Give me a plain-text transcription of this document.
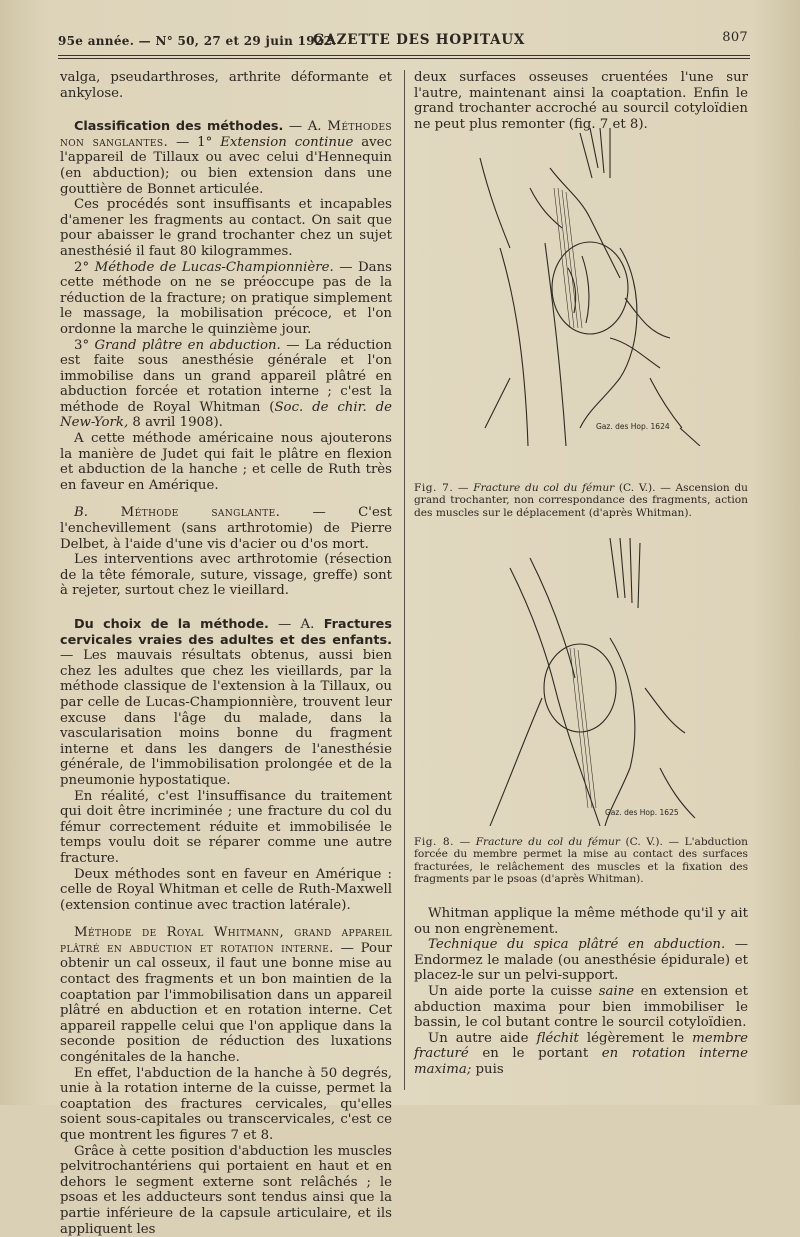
95e année. — N° 50, 27 et 29 juin 1922.
GAZETTE DES HOPITAUX	807

valga, pseudarthroses, arthrite déformante et ankylose.

Classification des méthodes. — A. Méthodes non sanglantes. — 1° Extension continue avec l'appareil de Tillaux ou avec celui d'Hennequin (en abduction); ou bien extension dans une gouttière de Bonnet articulée.

Ces procédés sont insuffisants et incapables d'amener les fragments au contact. On sait que pour abaisser le grand trochanter chez un sujet anesthésié il faut 80 kilogrammes.

2° Méthode de Lucas-Championnière. — Dans cette méthode on ne se préoccupe pas de la réduction de la fracture; on pratique simplement le massage, la mobilisation précoce, et l'on ordonne la marche le quinzième jour.

3° Grand plâtre en abduction. — La réduction est faite sous anesthésie générale et l'on immobilise dans un grand appareil plâtré en abduction forcée et rotation interne ; c'est la méthode de Royal Whitman (Soc. de chir. de New-York, 8 avril 1908).

A cette méthode américaine nous ajouterons la manière de Judet qui fait le plâtre en flexion et abduction de la hanche ; et celle de Ruth très en faveur en Amérique.

B. Méthode sanglante. — C'est l'enchevillement (sans arthrotomie) de Pierre Delbet, à l'aide d'une vis d'acier ou d'os mort.

Les interventions avec arthrotomie (résection de la tête fémorale, suture, vissage, greffe) sont à rejeter, surtout chez le vieillard.

Du choix de la méthode. — A. Fractures cervicales vraies des adultes et des enfants. — Les mauvais résultats obtenus, aussi bien chez les adultes que chez les vieillards, par la méthode classique de l'extension à la Tillaux, ou par celle de Lucas-Championnière, trouvent leur excuse dans l'âge du malade, dans la vascularisation moins bonne du fragment interne et dans les dangers de l'anesthésie générale, de l'immobilisation prolongée et de la pneumonie hypostatique.

En réalité, c'est l'insuffisance du traitement qui doit être incriminée ; une fracture du col du fémur correctement réduite et immobilisée le temps voulu doit se réparer comme une autre fracture.

Deux méthodes sont en faveur en Amérique : celle de Royal Whitman et celle de Ruth-Maxwell (extension continue avec traction latérale).

Méthode de Royal Whitmann, grand appareil plâtré en abduction et rotation interne. — Pour obtenir un cal osseux, il faut une bonne mise au contact des fragments et un bon maintien de la coaptation par l'immobilisation dans un appareil plâtré en abduction et en rotation interne. Cet appareil rappelle celui que l'on applique dans la seconde position de réduction des luxations congénitales de la hanche.

En effet, l'abduction de la hanche à 50 degrés, unie à la rotation interne de la cuisse, permet la coaptation des fractures cervicales, qu'elles soient sous-capitales ou transcervicales, c'est ce que montrent les figures 7 et 8.

Grâce à cette position d'abduction les muscles pelvitrochantériens qui portaient en haut et en dehors le segment externe sont relâchés ; le psoas et les adducteurs sont tendus ainsi que la partie inférieure de la capsule articulaire, et ils appliquent les

deux surfaces osseuses cruentées l'une sur l'autre, maintenant ainsi la coaptation. Enfin le grand trochanter accroché au sourcil cotyloïdien ne peut plus remonter (fig. 7 et 8).

Gaz. des Hop. 1624
Fig. 7. — Fracture du col du fémur (C. V.). — Ascension du grand trochanter, non correspondance des fragments, action des muscles sur le déplacement (d'après Whitman).
Gaz. des Hop. 1625
Fig. 8. — Fracture du col du fémur (C. V.). — L'abduction forcée du membre permet la mise au contact des surfaces fracturées, le relâchement des muscles et la fixation des fragments par le psoas (d'après Whitman).

Whitman applique la même méthode qu'il y ait ou non engrènement.

Technique du spica plâtré en abduction. — Endormez le malade (ou anesthésie épidurale) et placez-le sur un pelvi-support.

Un aide porte la cuisse saine en extension et abduction maxima pour bien immobiliser le bassin, le col butant contre le sourcil cotyloïdien.

Un autre aide fléchit légèrement le membre fracturé en le portant en rotation interne maxima; puis
